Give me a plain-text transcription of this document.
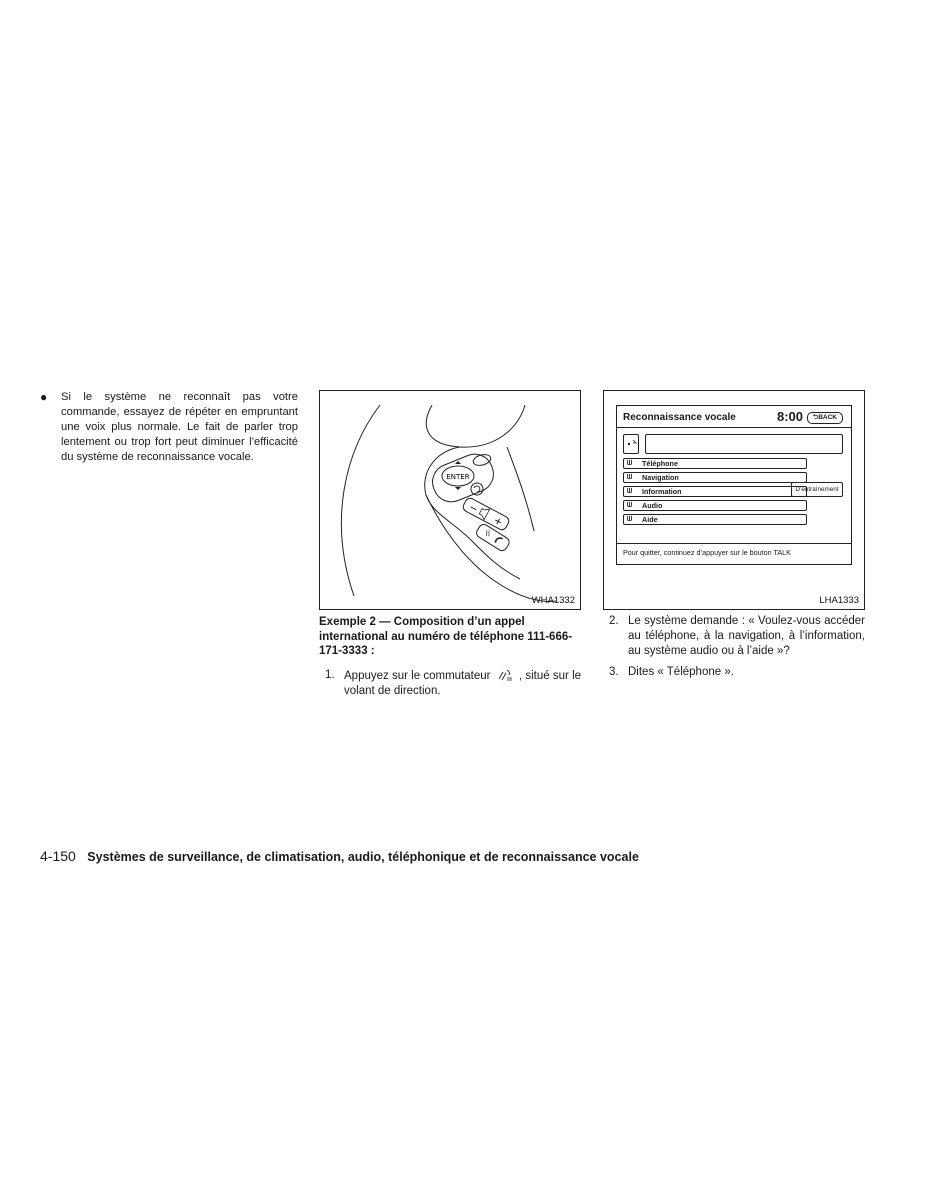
● Si le système ne reconnaît pas votre commande, essayez de répéter en empruntant une voix plus normale. Le fait de parler trop lentement ou trop fort peut diminuer l’efficacité du système de reconnaissance vocale.
ENTER
−
+
WHA1332
Reconnaissance vocale	8:00	⮌BACK
ᗯ Téléphone
ᗯ Navigation
ᗯ Information
ᗯ Audio
ᗯ Aide
D’entraînement
Pour quitter, continuez d’appuyer sur le bouton TALK
LHA1333
Exemple 2 — Composition d’un appel international au numéro de téléphone 111-666-171-3333 :
1. Appuyez sur le commutateur , situé sur le volant de direction.
2. Le système demande : « Voulez-vous accéder au téléphone, à la navigation, à l’information, au système audio ou à l’aide »?
3. Dites « Téléphone ».
4-150 Systèmes de surveillance, de climatisation, audio, téléphonique et de reconnaissance vocale
